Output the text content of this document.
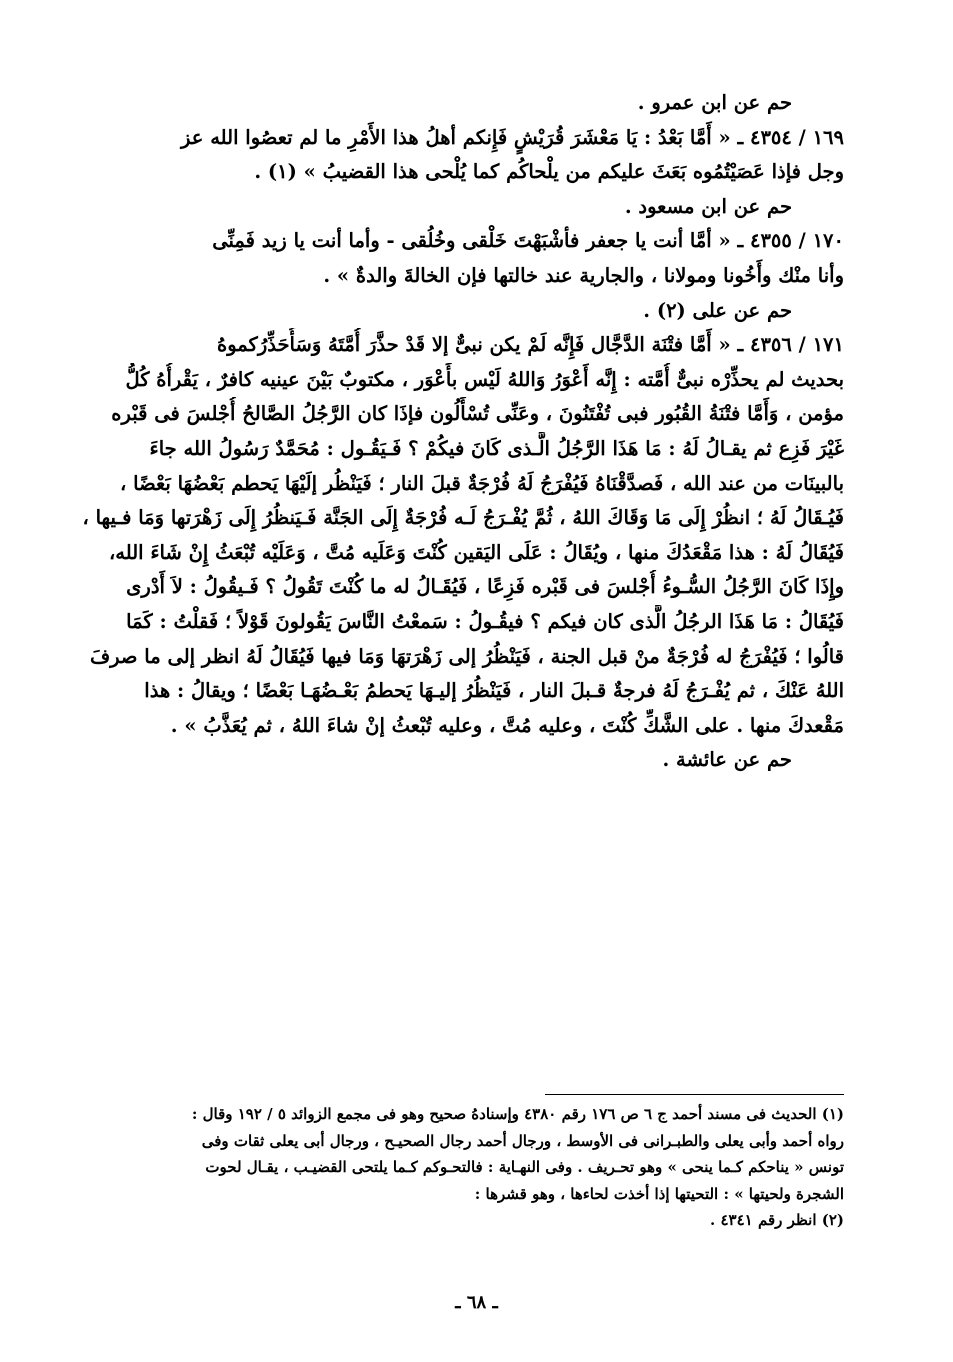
حم عن ابن عمرو .
١٦٩ / ٤٣٥٤ ـ « أَمَّا بَعْدُ : يَا مَعْشَرَ قُرَيْشٍ فَإِنكم أهلُ هذا الأَمْرِ ما لم تعصُوا الله عز
وجل فإذا عَصَيْتُمُوه بَعَثَ عليكم من يلْحاكُم كما يُلْحى هذا القضيبُ » (١) .
حم عن ابن مسعود .
١٧٠ / ٤٣٥٥ ـ « أمَّا أنت يا جعفر فأشْبَهْتَ خَلْقى وخُلُقى - وأما أنت يا زيد فَمِنِّى
وأنا منْك وأَخُونا ومولانا ، والجارية عند خالتها فإن الخالةَ والدةٌ » .
حم عن على (٢) .
١٧١ / ٤٣٥٦ ـ « أَمَّا فتْنَة الدَّجَّال فَإِنَّه لَمْ يكن نبىٌّ إلا قَدْ حذَّرَ أُمَّتَهُ وَسَأُحَذِّرُكموهُ
بحديث لم يحذِّرْه نبىٌّ أُمَّته : إِنَّه أَعْوَرُ وَاللهُ لَيْس بأَعْوَر ، مكتوبٌ بَيْنَ عينيه كافرٌ ، يَقْرأُهُ كُلُّ
مؤمن ، وَأَمَّا فتْنَةُ القُبُور فبى تُفْتَنُونَ ، وعَنِّى تُسْأَلُون فإذَا كان الرَّجُلُ الصَّالحُ أُجْلسَ فى قَبْره
غَيْرَ فَزِع ثم يقـالُ لَهُ : مَا هَذَا الرَّجُلُ الَّـذى كَانَ فيكُمْ ؟ فَـيَقُـول : مُحَمَّدٌ رَسُولُ الله جاءَ
بالبينَات من عند الله ، فَصدَّقْنَاهُ فَيُفْرَجُ لَهُ فُرْجَةٌ قبلَ النار ؛ فَيَنْظُر إلَيْهَا يَحطم بَعْضُهَا بَعْضًا ،
فَيُـقَالُ لَهُ ؛ انظُرْ إِلَى مَا وَقَاكَ اللهُ ، ثُمَّ يُفْـرَجُ لَـه فُرْجَةٌ إِلَى الجَنَّة فَـيَنظُرُ إِلَى زَهْرَتها وَمَا فـيها ،
فَيُقَالُ لَهُ : هذا مَقْعَدُكَ منها ، ويُقَالُ : عَلَى اليَقين كُنْتَ وَعَلَيه مُتَّ ، وَعَلَيْه تُبْعَثُ إِنْ شَاءَ الله،
وإِذَا كَانَ الرَّجُلُ السُّـوءُ أُجْلسَ فى قَبْره فَزِعًا ، فَيُقَـالُ له ما كُنْتَ تَقُولُ ؟ فَـيقُولُ : لاَ أَدْرى
فَيُقَالُ : مَا هَذَا الرجُلُ الَّذى كان فيكم ؟ فيقُـولُ : سَمعْتُ النَّاسَ يَقُولونَ قَوْلاً ؛ فَقلْتُ : كَمَا
قالُوا ؛ فَيُفْرَجُ له فُرْجَةٌ منْ قبل الجنة ، فَيَنْظُرُ إلى زَهْرَتهَا وَمَا فيها فَيُقَالُ لَهُ انظر إلى ما صرفَ
اللهُ عَنْكَ ، ثم يُفْـرَجُ لَهُ فرجةٌ قـبلَ النار ، فَيَنْظُرُ إليـهَا يَحطمُ بَعْـضُهَـا بَعْضًا ؛ ويقالُ : هذا
مَقْعدكَ منها . على الشَّكِّ كُنْتَ ، وعليه مُتَّ ، وعليه تُبْعثُ إنْ شاءَ اللهُ ، ثم يُعَذَّبُ » .
حم عن عائشة .
(١) الحديث فى مسند أحمد ج ٦ ص ١٧٦ رقم ٤٣٨٠ وإسنادهُ صحيح وهو فى مجمع الزوائد ٥ / ١٩٢ وقال :
رواه أحمد وأبى يعلى والطبـرانى فى الأوسط ، ورجال أحمد رجال الصحيـح ، ورجال أبى يعلى ثقات وفى
تونس « يناحكم كـما ينحى » وهو تحـريف . وفى النهـاية : فالتحـوكم كـما يلتحى القضيـب ، يقـال لحوت
الشجرة ولحيتها » : التحيتها إذا أخذت لحاءها ، وهو قشرها :
(٢) انظر رقم ٤٣٤١ .
ـ ٦٨ ـ
